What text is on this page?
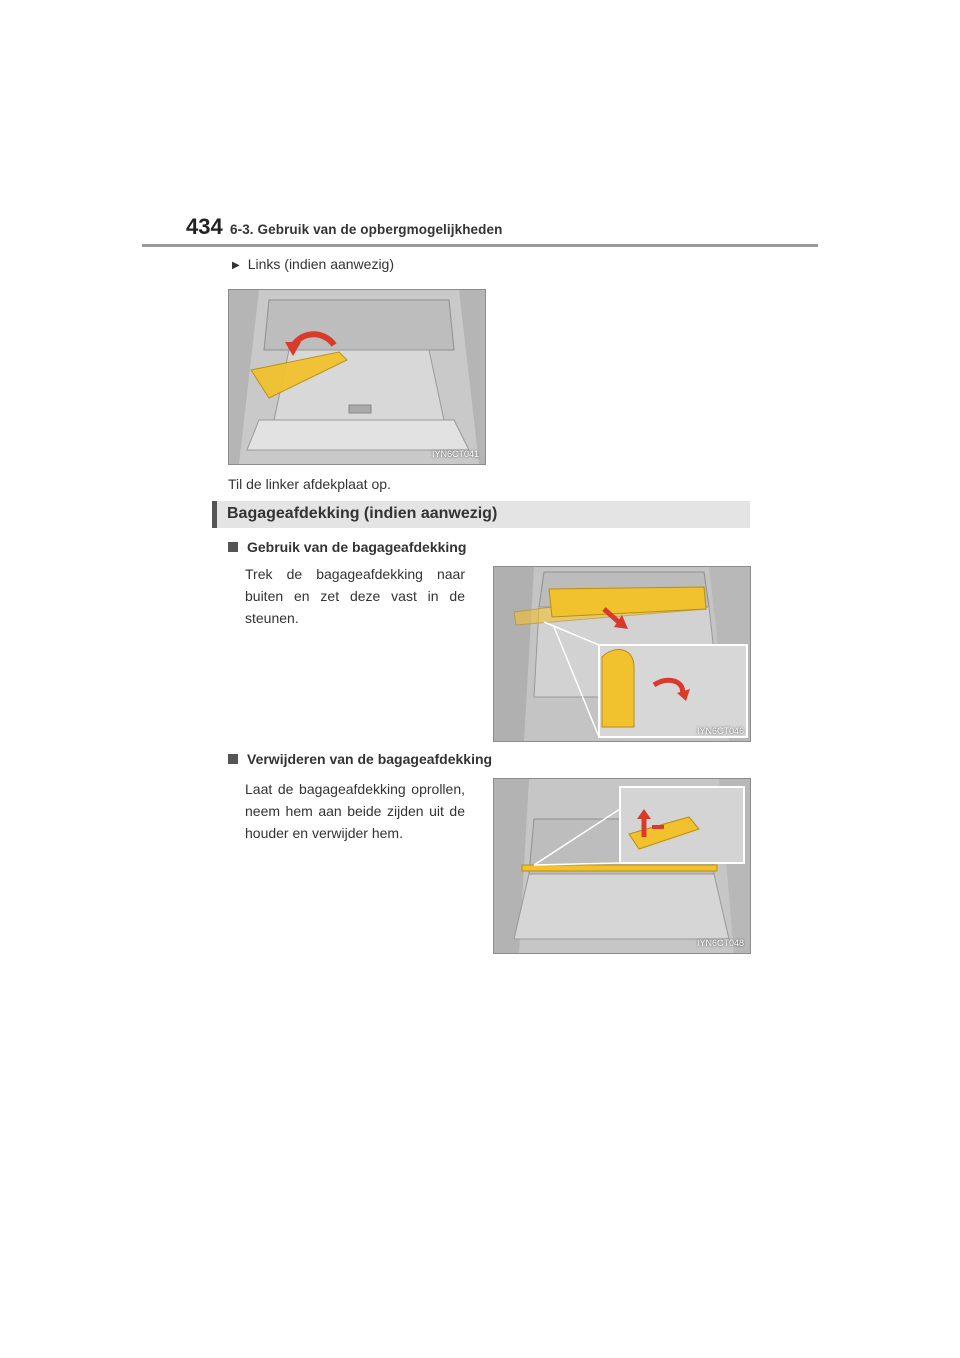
434 6-3. Gebruik van de opbergmogelijkheden
▶ Links (indien aanwezig)
IYN6CT041
Til de linker afdekplaat op.
Bagageafdekking (indien aanwezig)
Gebruik van de bagageafdekking
Trek de bagageafdekking naar buiten en zet deze vast in de steunen.
IYN6CT046
Verwijderen van de bagageafdekking
Laat de bagageafdekking oprollen, neem hem aan beide zijden uit de houder en verwijder hem.
IYN6CT048
